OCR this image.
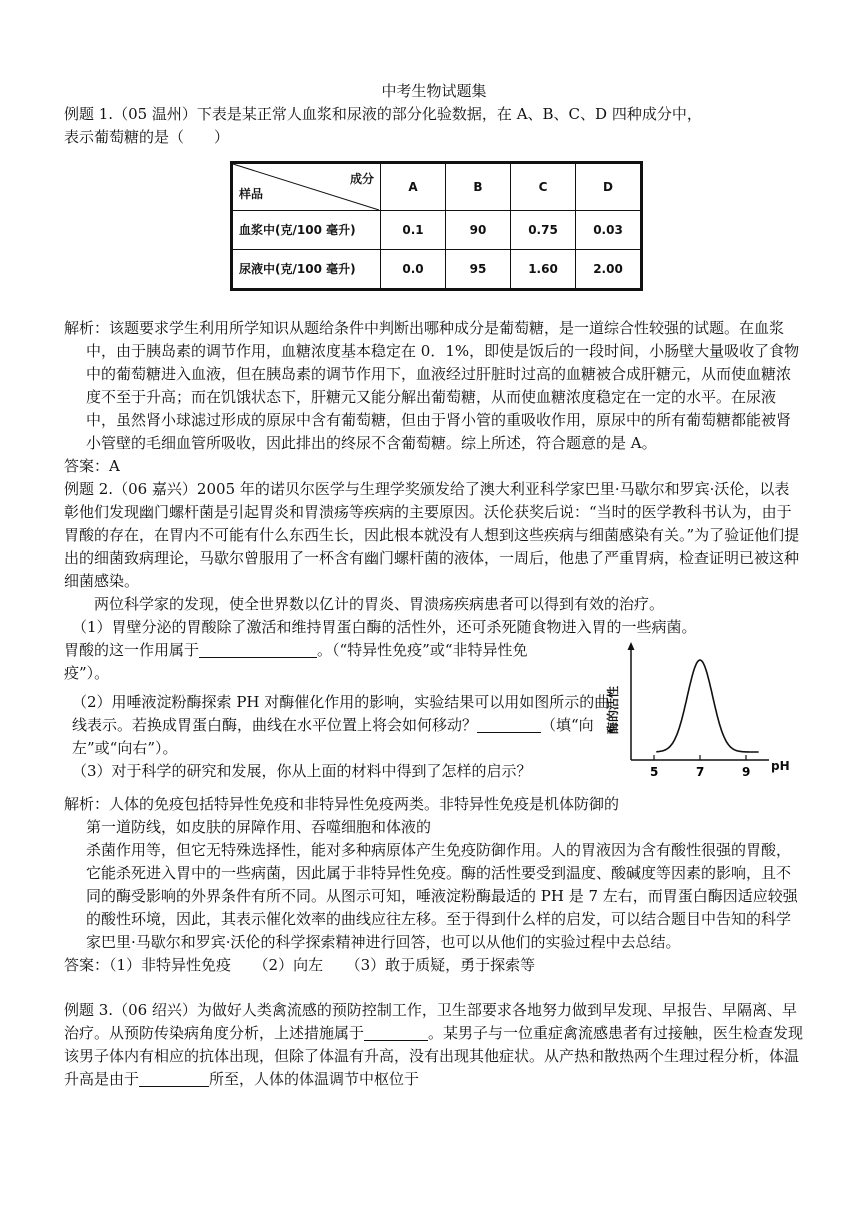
中考生物试题集

例题 1.（05 温州）下表是某正常人血浆和尿液的部分化验数据，在 A、B、C、D 四种成分中，

表示葡萄糖的是（　　）

成分
样品	A	B	C	D
血浆中(克/100 毫升)	0.1	90	0.75	0.03
尿液中(克/100 毫升)	0.0	95	1.60	2.00

解析：该题要求学生利用所学知识从题给条件中判断出哪种成分是葡萄糖，是一道综合性较强的试题。在血浆中，由于胰岛素的调节作用，血糖浓度基本稳定在 0．1%，即使是饭后的一段时间，小肠壁大量吸收了食物中的葡萄糖进入血液，但在胰岛素的调节作用下，血液经过肝脏时过高的血糖被合成肝糖元，从而使血糖浓度不至于升高；而在饥饿状态下，肝糖元又能分解出葡萄糖，从而使血糖浓度稳定在一定的水平。在尿液中，虽然肾小球滤过形成的原尿中含有葡萄糖，但由于肾小管的重吸收作用，原尿中的所有葡萄糖都能被肾小管壁的毛细血管所吸收，因此排出的终尿不含葡萄糖。综上所述，符合题意的是 A。

答案：A

例题 2.（06 嘉兴）2005 年的诺贝尔医学与生理学奖颁发给了澳大利亚科学家巴里·马歇尔和罗宾·沃伦，以表彰他们发现幽门螺杆菌是引起胃炎和胃溃疡等疾病的主要原因。沃伦获奖后说：“当时的医学教科书认为，由于胃酸的存在，在胃内不可能有什么东西生长，因此根本就没有人想到这些疾病与细菌感染有关。”为了验证他们提出的细菌致病理论，马歇尔曾服用了一杯含有幽门螺杆菌的液体，一周后，他患了严重胃病，检查证明已被这种细菌感染。

两位科学家的发现，使全世界数以亿计的胃炎、胃溃疡疾病患者可以得到有效的治疗。

（1）胃壁分泌的胃酸除了激活和维持胃蛋白酶的活性外，还可杀死随食物进入胃的一些病菌。

胃酸的这一作用属于	。（“特异性免疫”或“非特异性免

疫”）。

（2）用唾液淀粉酶探索 PH 对酶催化作用的影响，实验结果可以用如图所示的曲线表示。若换成胃蛋白酶，曲线在水平位置上将会如何移动？	（填“向左”或“向右”）。

（3）对于科学的研究和发展，你从上面的材料中得到了怎样的启示？	5	7	9
酶的活性
pH

解析：人体的免疫包括特异性免疫和非特异性免疫两类。非特异性免疫是机体防御的第一道防线，如皮肤的屏障作用、吞噬细胞和体液的

杀菌作用等，但它无特殊选择性，能对多种病原体产生免疫防御作用。人的胃液因为含有酸性很强的胃酸，它能杀死进入胃中的一些病菌，因此属于非特异性免疫。酶的活性要受到温度、酸碱度等因素的影响，且不同的酶受影响的外界条件有所不同。从图示可知，唾液淀粉酶最适的 PH 是 7 左右，而胃蛋白酶因适应较强的酸性环境，因此，其表示催化效率的曲线应往左移。至于得到什么样的启发，可以结合题目中告知的科学家巴里·马歇尔和罗宾·沃伦的科学探索精神进行回答，也可以从他们的实验过程中去总结。

答案：（1）非特异性免疫　　（2）向左　　（3）敢于质疑，勇于探索等

例题 3.（06 绍兴）为做好人类禽流感的预防控制工作，卫生部要求各地努力做到早发现、早报告、早隔离、早治疗。从预防传染病角度分析，上述措施属于	。某男子与一位重症禽流感患者有过接触，医生检查发现该男子体内有相应的抗体出现，但除了体温有升高，没有出现其他症状。从产热和散热两个生理过程分析，体温升高是由于	所至，人体的体温调节中枢位于
